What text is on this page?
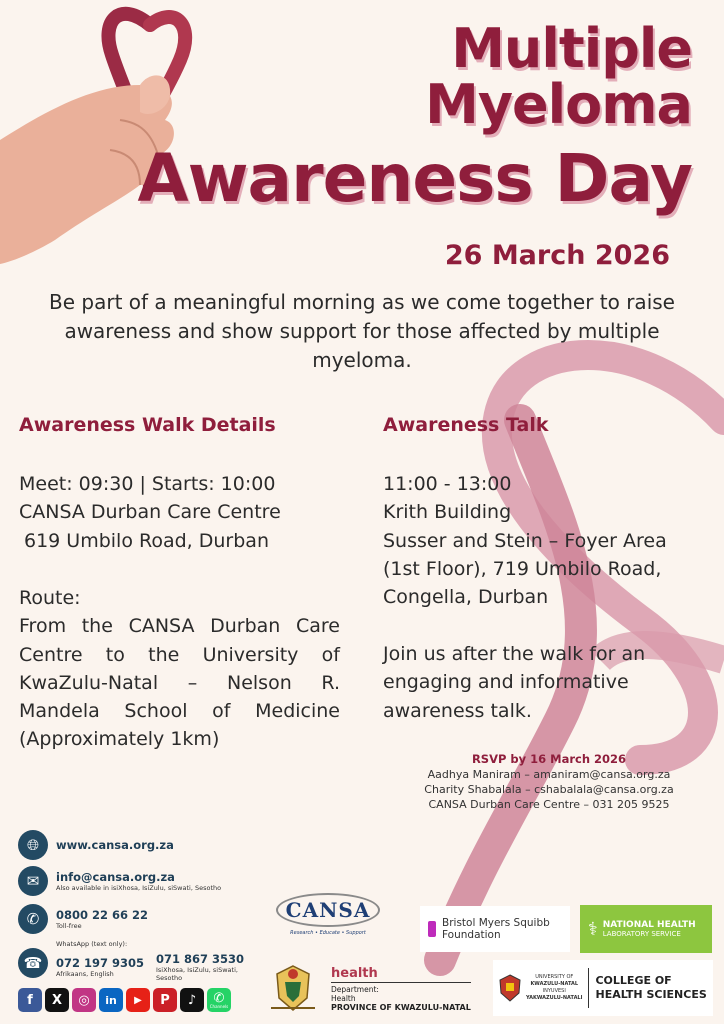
Multiple
Myeloma
Awareness Day
26 March 2026
Be part of a meaningful morning as we come together to raise awareness and show support for those affected by multiple myeloma.
Awareness Walk Details
Meet: 09:30 | Starts: 10:00
CANSA Durban Care Centre
619 Umbilo Road, Durban
Route:
From the CANSA Durban Care Centre to the University of KwaZulu-Natal – Nelson R. Mandela School of Medicine (Approximately 1km)
Awareness Talk
11:00 - 13:00
Krith Building
Susser and Stein – Foyer Area
(1st Floor), 719 Umbilo Road,
Congella, Durban
Join us after the walk for an engaging and informative awareness talk.
RSVP by 16 March 2026
Aadhya Maniram – amaniram@cansa.org.za
Charity Shabalala – cshabalala@cansa.org.za
CANSA Durban Care Centre – 031 205 9525
🌐︎	www.cansa.org.za
✉	info@cansa.org.za
Also available in isiXhosa, IsiZulu, siSwati, Sesotho
✆	0800 22 66 22
Toll-free
WhatsApp (text only):
☎	072 197 9305
Afrikaans, English
071 867 3530
IsiXhosa, IsiZulu, siSwati, Sesotho
f	X	◎	in	▶	P	♪	✆
Channels
CANSA
Research • Educate • Support
Bristol Myers Squibb
Foundation	⚕ NATIONAL HEALTH
LABORATORY SERVICE
health
Department:
Health
PROVINCE OF KWAZULU-NATAL
UNIVERSITY OF
KWAZULU-NATAL
INYUVESI
YAKWAZULU-NATALI
COLLEGE OF
HEALTH SCIENCES
